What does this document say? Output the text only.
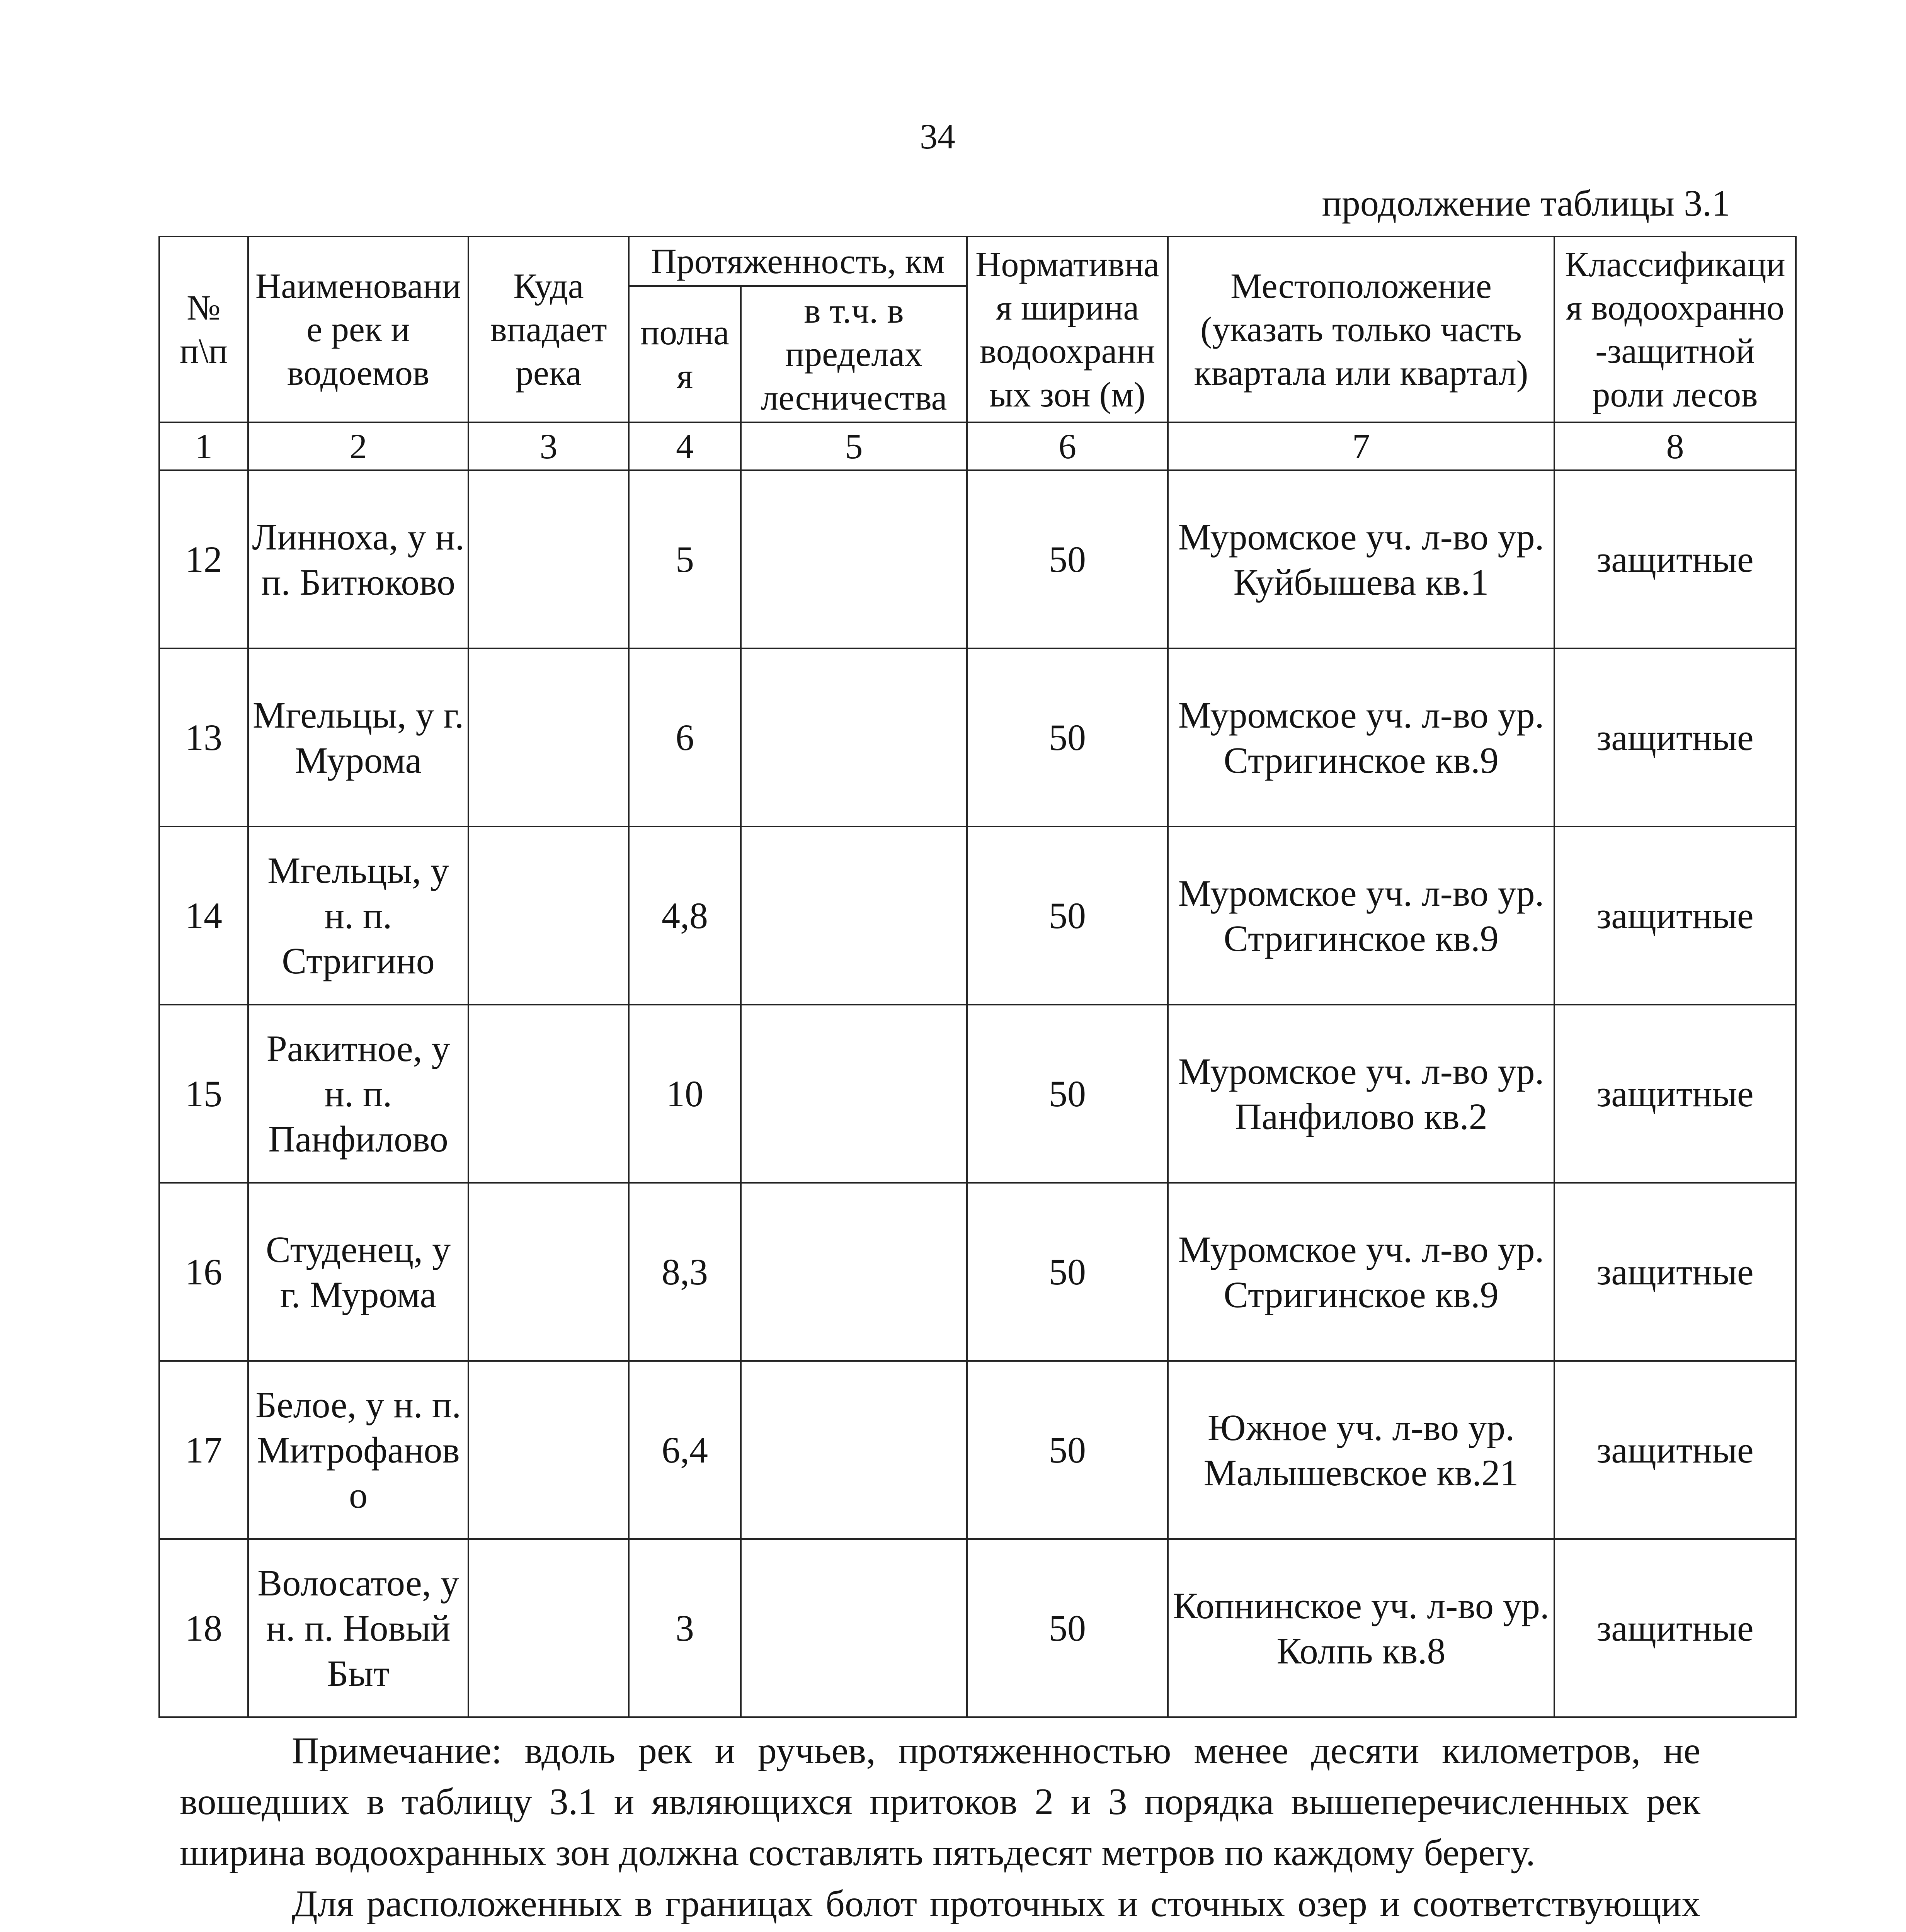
34
продолжение таблицы 3.1
№ п\п	Наименование рек и водоемов	Куда впадает река	Протяженность, км		Нормативная ширина водоохранных зон (м)	Местоположение (указать только часть квартала или квартал)	Классификация водоохранно -защитной роли лесов
			полная	в т.ч. в пределах лесничества			
1	2	3	4	5	6	7	8
12	Линноха, у н. п. Битюково		5		50	Муромское уч. л-во ур. Куйбышева кв.1	защитные
13	Мгельцы, у г. Мурома		6		50	Муромское уч. л-во ур. Стригинское кв.9	защитные
14	Мгельцы, у н. п. Стригино		4,8		50	Муромское уч. л-во ур. Стригинское кв.9	защитные
15	Ракитное, у н. п. Панфилово		10		50	Муромское уч. л-во ур. Панфилово кв.2	защитные
16	Студенец, у г. Мурома		8,3		50	Муромское уч. л-во ур. Стригинское кв.9	защитные
17	Белое, у н. п. Митрофаново		6,4		50	Южное уч. л-во ур. Малышевское кв.21	защитные
18	Волосатое, у н. п. Новый Быт		3		50	Копнинское уч. л-во ур. Колпь кв.8	защитные

Примечание: вдоль рек и ручьев, протяженностью менее десяти километров, не вошедших в таблицу 3.1 и являющихся притоков 2 и 3 порядка вышеперечисленных рек ширина водоохранных зон должна составлять пятьдесят метров по каждому берегу.

Для расположенных в границах болот проточных и сточных озер и соответствующих
